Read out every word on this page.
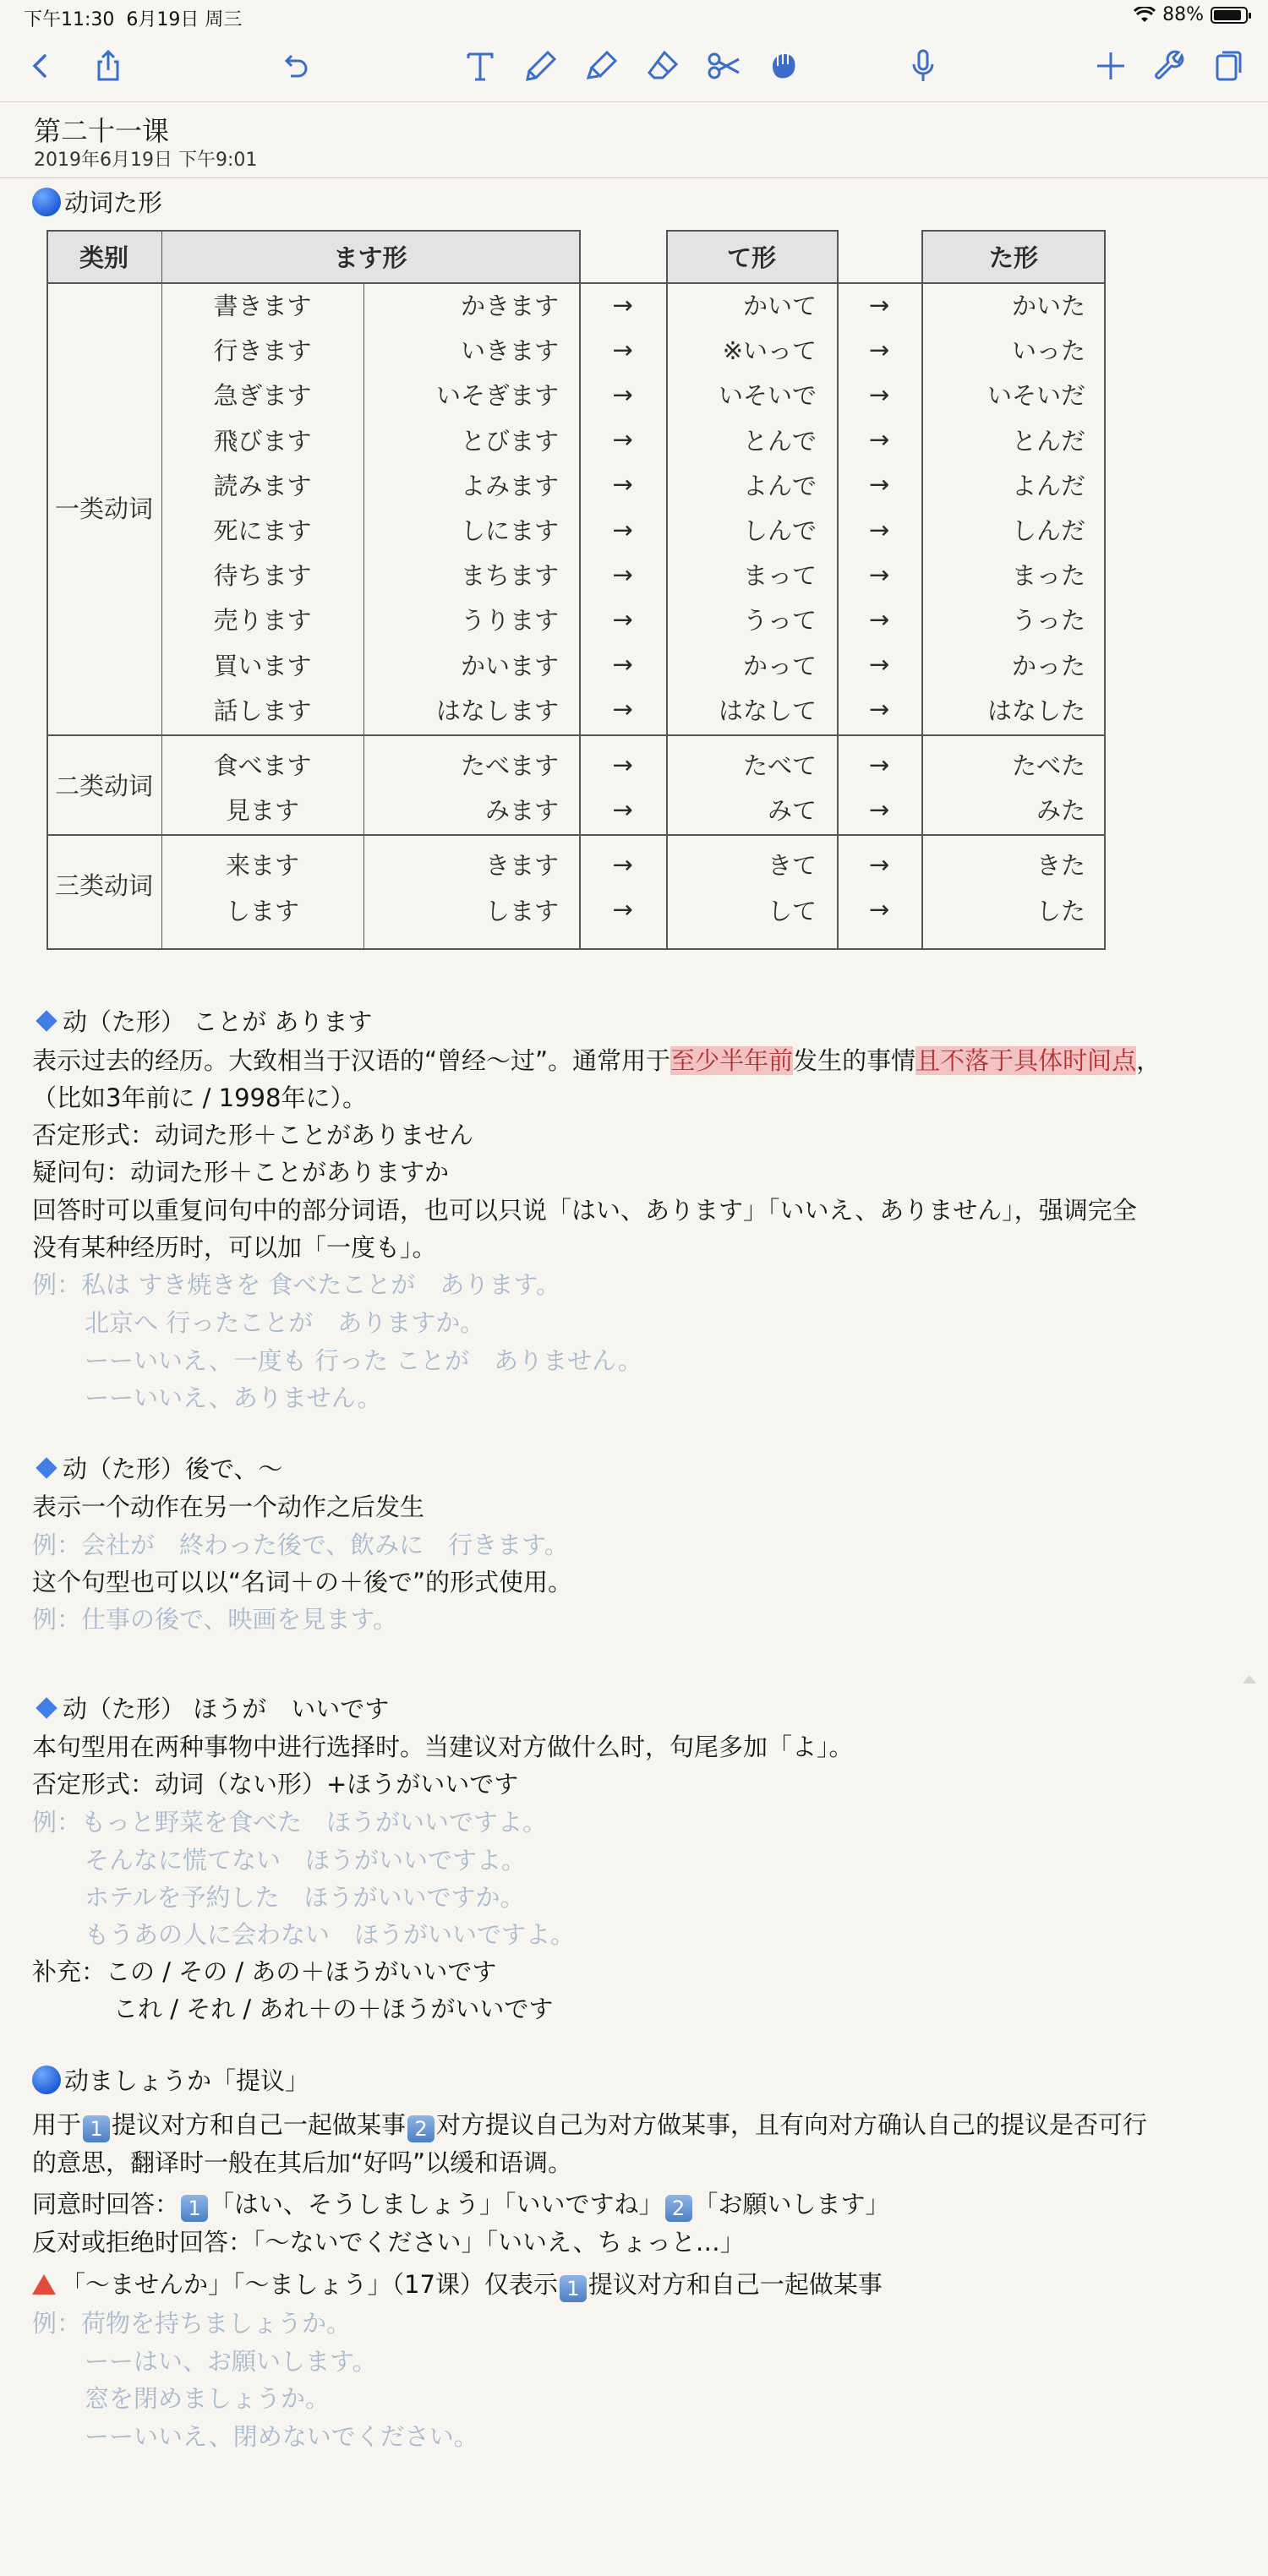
下午11:30 6月19日 周三	88%
第二十一课
2019年6月19日 下午9:01
动词た形
类别	ます形	て形	た形
書きます	かきます	→	かいて	→	かいた
行きます	いきます	→	※いって	→	いった
急ぎます	いそぎます	→	いそいで	→	いそいだ
飛びます	とびます	→	とんで	→	とんだ
読みます	よみます	→	よんで	→	よんだ
死にます	しにます	→	しんで	→	しんだ
待ちます	まちます	→	まって	→	まった
売ります	うります	→	うって	→	うった
買います	かいます	→	かって	→	かった
話します	はなします	→	はなして	→	はなした
一类动词
食べます	たべます	→	たべて	→	たべた
見ます	みます	→	みて	→	みた
二类动词
来ます	きます	→	きて	→	きた
します	します	→	して	→	した
三类动词
动（た形） ことが あります
表示过去的经历。大致相当于汉语的“曾经～过”。通常用于至少半年前发生的事情且不落于具体时间点，
（比如3年前に / 1998年に）。
否定形式：动词た形＋ことがありません
疑问句：动词た形＋ことがありますか
回答时可以重复问句中的部分词语，也可以只说「はい、あります」「いいえ、ありません」，强调完全
没有某种经历时，可以加「一度も」。
例：私は すき焼きを 食べたことが　あります。
北京へ 行ったことが　ありますか。
ーーいいえ、一度も 行った ことが　ありません。
ーーいいえ、ありません。
动（た形）後で、～
表示一个动作在另一个动作之后发生
例：会社が　終わった後で、飲みに　行きます。
这个句型也可以以“名词＋の＋後で”的形式使用。
例：仕事の後で、映画を見ます。
动（た形） ほうが　いいです
本句型用在两种事物中进行选择时。当建议对方做什么时，句尾多加「よ」。
否定形式：动词（ない形）+ほうがいいです
例：もっと野菜を食べた　ほうがいいですよ。
そんなに慌てない　ほうがいいですよ。
ホテルを予約した　ほうがいいですか。
もうあの人に会わない　ほうがいいですよ。
补充：この / その / あの＋ほうがいいです
これ / それ / あれ＋の＋ほうがいいです
动ましょうか「提议」
用于 1 提议对方和自己一起做某事 2 对方提议自己为对方做某事，且有向对方确认自己的提议是否可行
的意思，翻译时一般在其后加“好吗”以缓和语调。
同意时回答： 1 「はい、そうしましょう」「いいですね」 2 「お願いします」
反对或拒绝时回答：「～ないでください」「いいえ、ちょっと…」
「～ませんか」「～ましょう」（17课）仅表示 1 提议对方和自己一起做某事
例：荷物を持ちましょうか。
ーーはい、お願いします。
窓を閉めましょうか。
ーーいいえ、閉めないでください。
